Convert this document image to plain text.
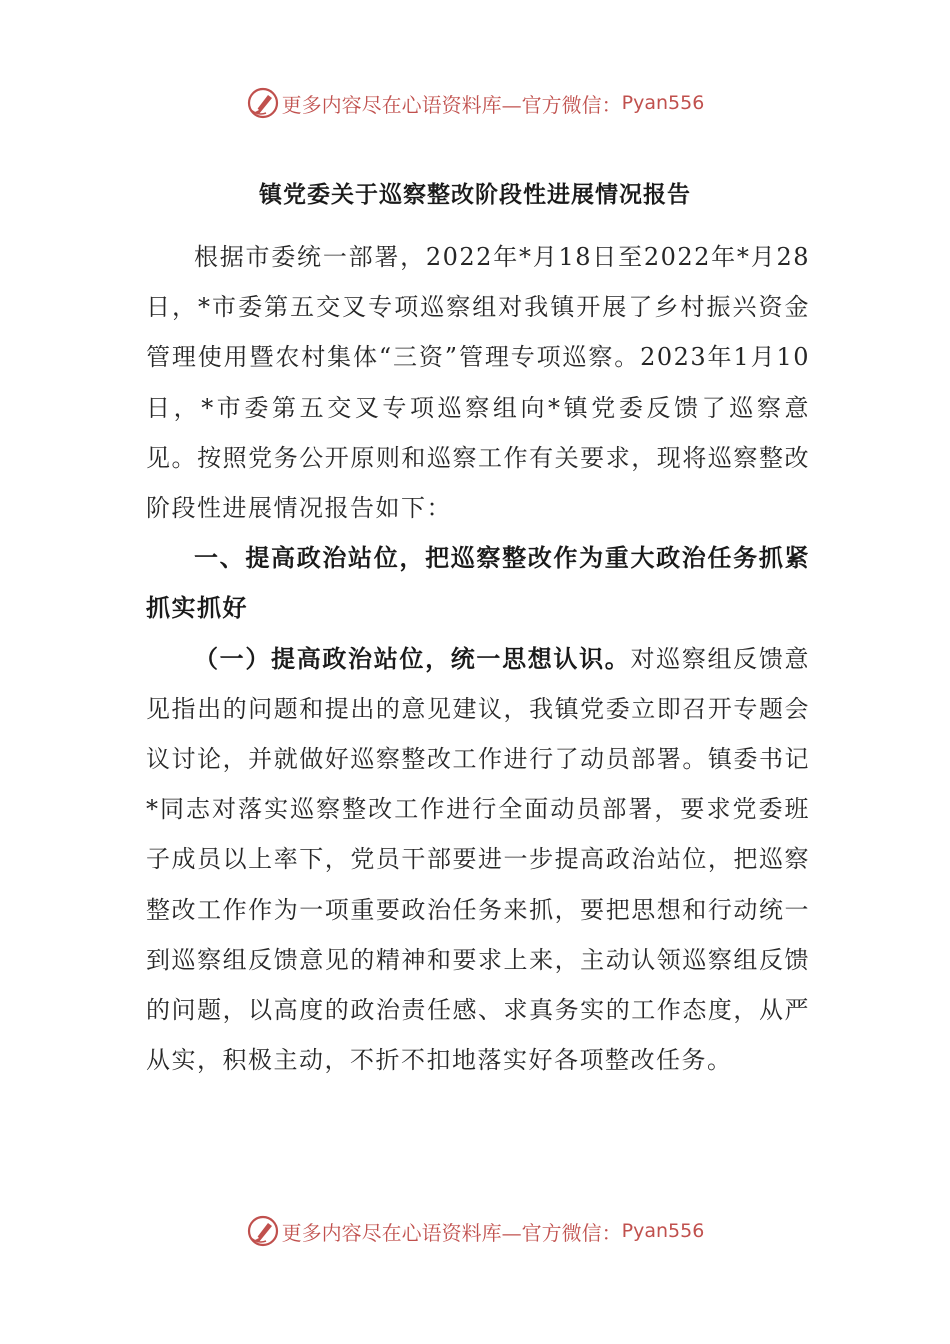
更多内容尽在心语资料库—官方微信： Pyan556
镇党委关于巡察整改阶段性进展情况报告

根据市委统一部署，2022年*月18日至2022年*月28日，*市委第五交叉专项巡察组对我镇开展了乡村振兴资金管理使用暨农村集体“三资”管理专项巡察。2023年1月10日，*市委第五交叉专项巡察组向*镇党委反馈了巡察意见。按照党务公开原则和巡察工作有关要求，现将巡察整改阶段性进展情况报告如下：

一、提高政治站位，把巡察整改作为重大政治任务抓紧抓实抓好

（一）提高政治站位，统一思想认识。对巡察组反馈意见指出的问题和提出的意见建议，我镇党委立即召开专题会议讨论，并就做好巡察整改工作进行了动员部署。镇委书记*同志对落实巡察整改工作进行全面动员部署，要求党委班子成员以上率下，党员干部要进一步提高政治站位，把巡察整改工作作为一项重要政治任务来抓，要把思想和行动统一到巡察组反馈意见的精神和要求上来，主动认领巡察组反馈的问题，以高度的政治责任感、求真务实的工作态度，从严从实，积极主动，不折不扣地落实好各项整改任务。

更多内容尽在心语资料库—官方微信： Pyan556
